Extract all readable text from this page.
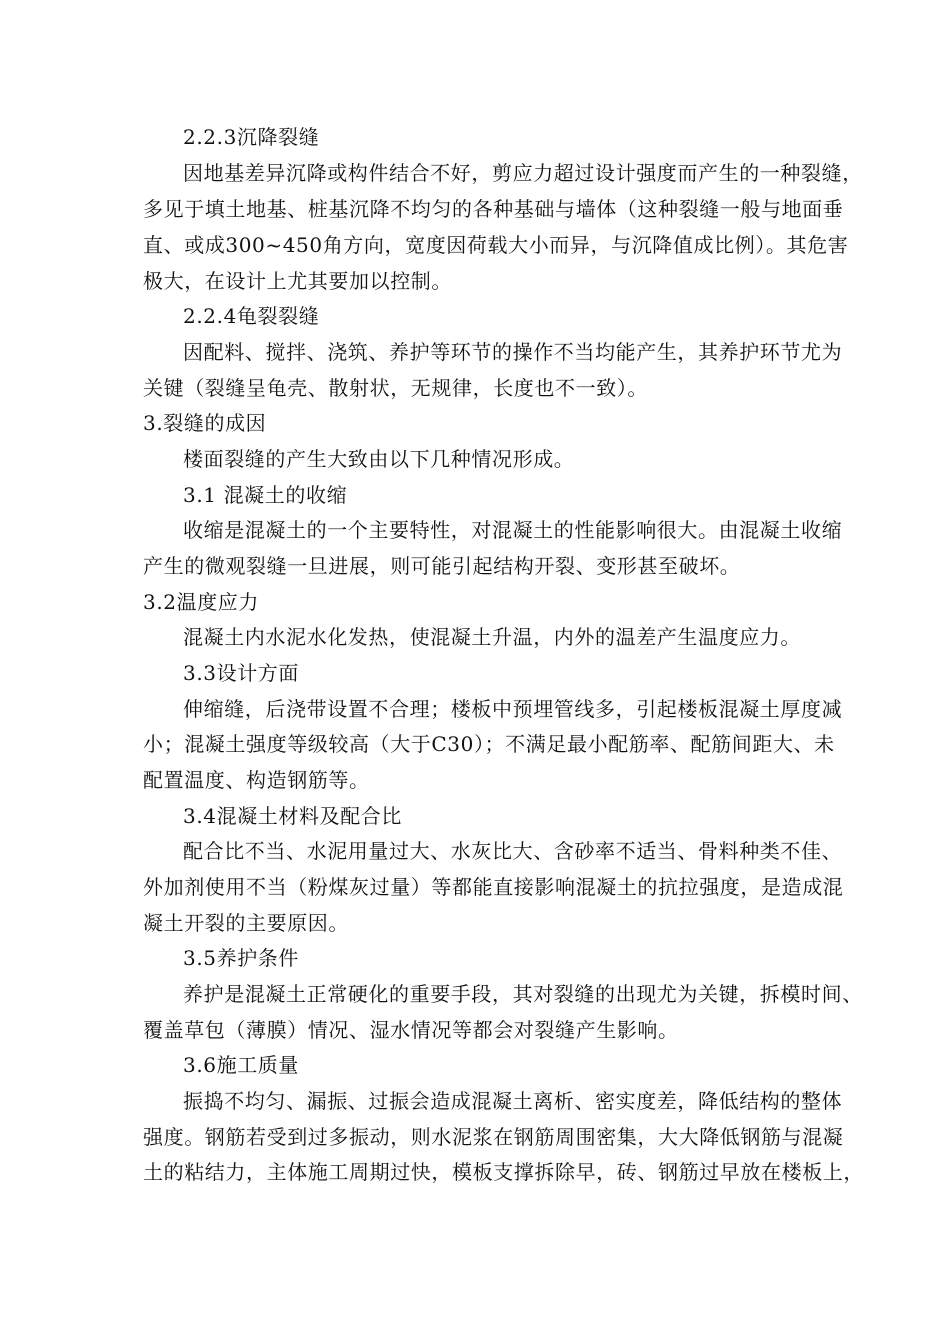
2.2.3沉降裂缝
因地基差异沉降或构件结合不好，剪应力超过设计强度而产生的一种裂缝，
多见于填土地基、桩基沉降不均匀的各种基础与墙体（这种裂缝一般与地面垂
直、或成300~450角方向，宽度因荷载大小而异，与沉降值成比例）。其危害
极大，在设计上尤其要加以控制。
2.2.4龟裂裂缝
因配料、搅拌、浇筑、养护等环节的操作不当均能产生，其养护环节尤为
关键（裂缝呈龟壳、散射状，无规律，长度也不一致）。
3.裂缝的成因
楼面裂缝的产生大致由以下几种情况形成。
3.1 混凝土的收缩
收缩是混凝土的一个主要特性，对混凝土的性能影响很大。由混凝土收缩
产生的微观裂缝一旦进展，则可能引起结构开裂、变形甚至破坏。
3.2温度应力
混凝土内水泥水化发热，使混凝土升温，内外的温差产生温度应力。
3.3设计方面
伸缩缝，后浇带设置不合理；楼板中预埋管线多，引起楼板混凝土厚度减
小；混凝土强度等级较高（大于C30）；不满足最小配筋率、配筋间距大、未
配置温度、构造钢筋等。
3.4混凝土材料及配合比
配合比不当、水泥用量过大、水灰比大、含砂率不适当、骨料种类不佳、
外加剂使用不当（粉煤灰过量）等都能直接影响混凝土的抗拉强度，是造成混
凝土开裂的主要原因。
3.5养护条件
养护是混凝土正常硬化的重要手段，其对裂缝的出现尤为关键，拆模时间、
覆盖草包（薄膜）情况、湿水情况等都会对裂缝产生影响。
3.6施工质量
振捣不均匀、漏振、过振会造成混凝土离析、密实度差，降低结构的整体
强度。钢筋若受到过多振动，则水泥浆在钢筋周围密集，大大降低钢筋与混凝
土的粘结力，主体施工周期过快，模板支撑拆除早，砖、钢筋过早放在楼板上，
